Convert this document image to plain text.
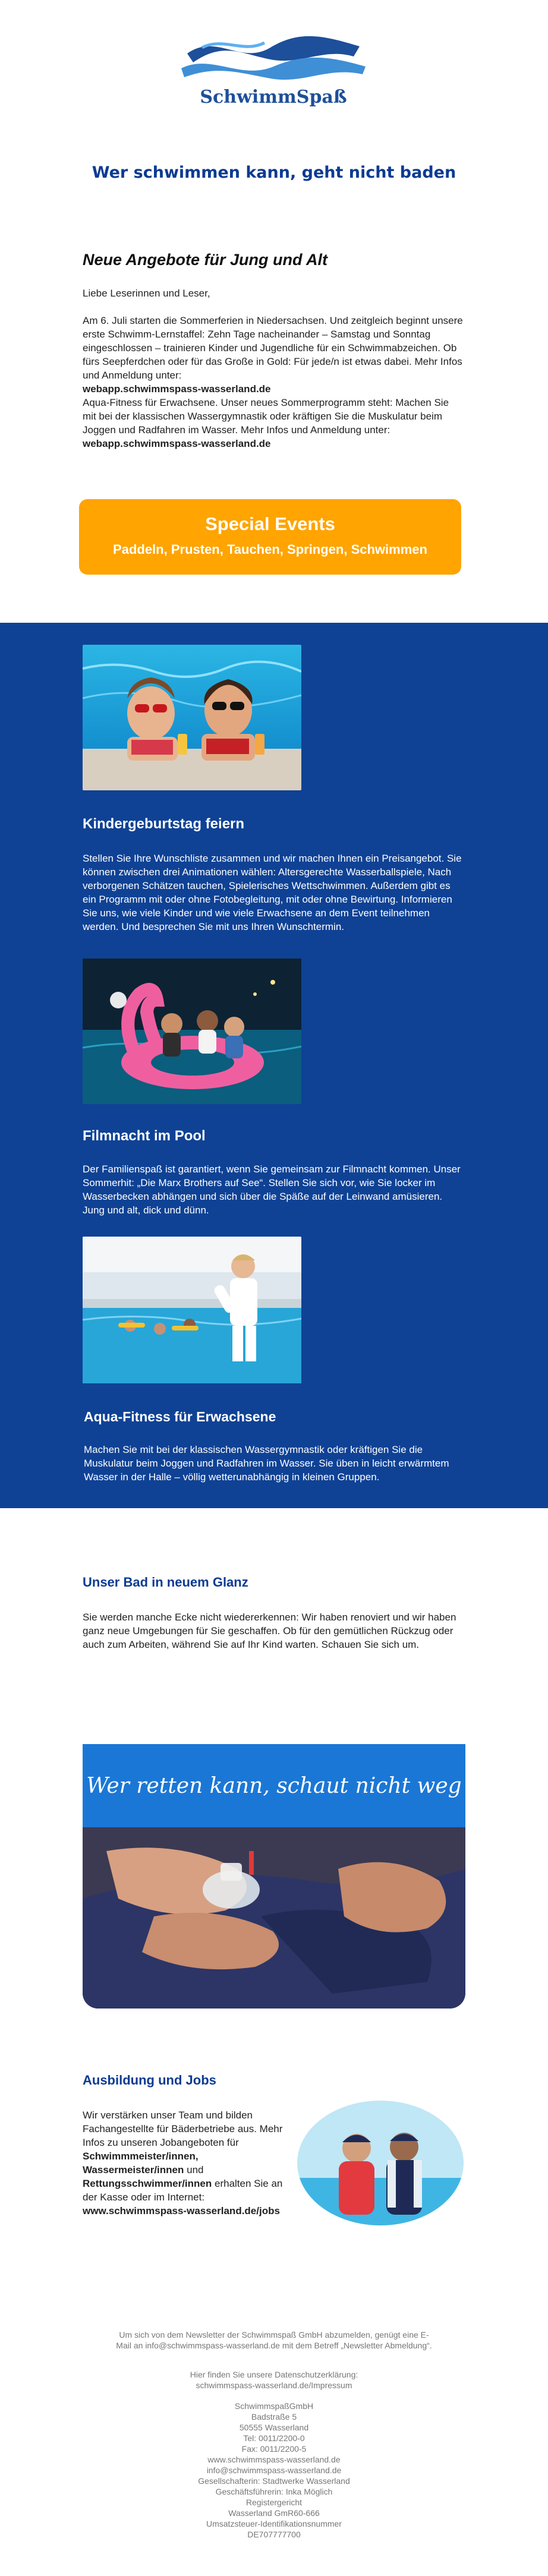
SchwimmSpaß
Wer schwimmen kann, geht nicht baden
Neue Angebote für Jung und Alt

Liebe Leserinnen und Leser,

Am 6. Juli starten die Sommerferien in Niedersachsen. Und zeitgleich beginnt unsere erste Schwimm-Lernstaffel: Zehn Tage nacheinander – Samstag und Sonntag eingeschlossen – trainieren Kinder und Jugendliche für ein Schwimmabzeichen. Ob fürs Seepferdchen oder für das Große in Gold: Für jede/n ist etwas dabei. Mehr Infos und Anmeldung unter:
webapp.schwimmspass-wasserland.de

Aqua-Fitness für Erwachsene. Unser neues Sommerprogramm steht: Machen Sie mit bei der klassischen Wassergymnastik oder kräftigen Sie die Muskulatur beim Joggen und Radfahren im Wasser. Mehr Infos und Anmeldung unter: webapp.schwimmspass-wasserland.de

Special Events
Paddeln, Prusten, Tauchen, Springen, Schwimmen
Kindergeburtstag feiern
Stellen Sie Ihre Wunschliste zusammen und wir machen Ihnen ein Preisangebot. Sie können zwischen drei Animationen wählen: Altersgerechte Wasserballspiele, Nach verborgenen Schätzen tauchen, Spielerisches Wettschwimmen. Außerdem gibt es ein Programm mit oder ohne Fotobegleitung, mit oder ohne Bewirtung. Informieren Sie uns, wie viele Kinder und wie viele Erwachsene an dem Event teilnehmen werden. Und besprechen Sie mit uns Ihren Wunschtermin.
Filmnacht im Pool
Der Familienspaß ist garantiert, wenn Sie gemeinsam zur Filmnacht kommen. Unser Sommerhit: „Die Marx Brothers auf See“. Stellen Sie sich vor, wie Sie locker im Wasserbecken abhängen und sich über die Späße auf der Leinwand amüsieren. Jung und alt, dick und dünn.
Aqua-Fitness für Erwachsene
Machen Sie mit bei der klassischen Wassergymnastik oder kräftigen Sie die Muskulatur beim Joggen und Radfahren im Wasser. Sie üben in leicht erwärmtem Wasser in der Halle – völlig wetterunabhängig in kleinen Gruppen.
Unser Bad in neuem Glanz
Sie werden manche Ecke nicht wiedererkennen: Wir haben renoviert und wir haben ganz neue Umgebungen für Sie geschaffen. Ob für den gemütlichen Rückzug oder auch zum Arbeiten, während Sie auf Ihr Kind warten. Schauen Sie sich um.
Wer retten kann, schaut nicht weg
Ausbildung und Jobs
Wir verstärken unser Team und bilden Fachangestellte für Bäderbetriebe aus. Mehr Infos zu unseren Jobangeboten für Schwimmmeister/innen, Wassermeister/innen und Rettungsschwimmer/innen erhalten Sie an der Kasse oder im Internet: www.schwimmspass-wasserland.de/jobs
Um sich von dem Newsletter der Schwimmspaß GmbH abzumelden, genügt eine E-Mail an info@schwimmspass-wasserland.de mit dem Betreff „Newsletter Abmeldung“.
Hier finden Sie unsere Datenschutzerklärung:
schwimmspass-wasserland.de/Impressum
SchwimmspaßGmbH
Badstraße 5
50555 Wasserland
Tel: 0011/2200-0
Fax: 0011/2200-5
www.schwimmspass-wasserland.de
info@schwimmspass-wasserland.de
Gesellschafterin: Stadtwerke Wasserland
Geschäftsführerin: Inka Möglich
Registergericht
Wasserland GmR60-666
Umsatzsteuer-Identifikationsnummer
DE707777700
